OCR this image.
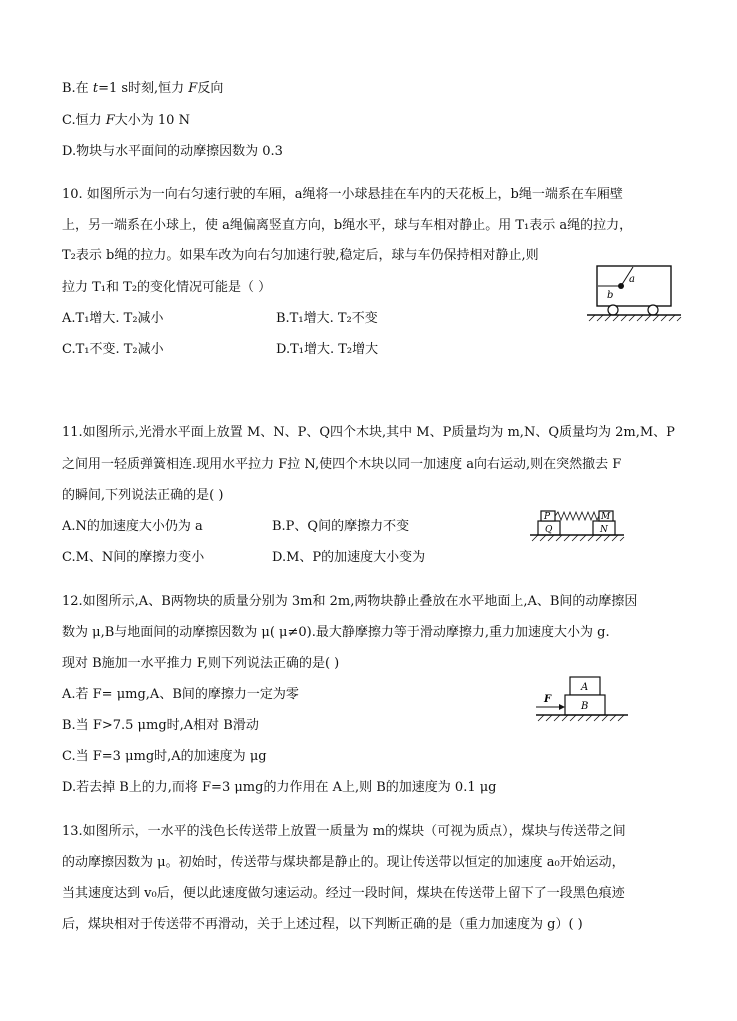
B.在 t=1 s时刻,恒力 F反向
C.恒力 F大小为 10 N
D.物块与水平面间的动摩擦因数为 0.3
10. 如图所示为一向右匀速行驶的车厢，a绳将一小球悬挂在车内的天花板上，b绳一端系在车厢壁
上，另一端系在小球上，使 a绳偏离竖直方向，b绳水平，球与车相对静止。用 T₁表示 a绳的拉力，
T₂表示 b绳的拉力。如果车改为向右匀加速行驶,稳定后，球与车仍保持相对静止,则
拉力 T₁和 T₂的变化情况可能是（ ）
A.T₁增大. T₂减小	B.T₁增大. T₂不变
C.T₁不变. T₂减小	D.T₁增大. T₂增大
a
b
11.如图所示,光滑水平面上放置 M、N、P、Q四个木块,其中 M、P质量均为 m,N、Q质量均为 2m,M、P
之间用一轻质弹簧相连.现用水平拉力 F拉 N,使四个木块以同一加速度 a向右运动,则在突然撤去 F
的瞬间,下列说法正确的是( )
A.N的加速度大小仍为 a	B.P、Q间的摩擦力不变
C.M、N间的摩擦力变小	D.M、P的加速度大小变为
P
Q
M
N
12.如图所示,A、B两物块的质量分别为 3m和 2m,两物块静止叠放在水平地面上,A、B间的动摩擦因
数为 μ,B与地面间的动摩擦因数为 μ( μ≠0).最大静摩擦力等于滑动摩擦力,重力加速度大小为 g.
现对 B施加一水平推力 F,则下列说法正确的是( )
A.若 F= μmg,A、B间的摩擦力一定为零
B.当 F>7.5 μmg时,A相对 B滑动
C.当 F=3 μmg时,A的加速度为 μg
D.若去掉 B上的力,而将 F=3 μmg的力作用在 A上,则 B的加速度为 0.1 μg
F
A
B
13.如图所示，一水平的浅色长传送带上放置一质量为 m的煤块（可视为质点），煤块与传送带之间
的动摩擦因数为 μ。初始时，传送带与煤块都是静止的。现让传送带以恒定的加速度 a₀开始运动，
当其速度达到 v₀后，便以此速度做匀速运动。经过一段时间，煤块在传送带上留下了一段黑色痕迹
后，煤块相对于传送带不再滑动，关于上述过程，以下判断正确的是（重力加速度为 g）( )
